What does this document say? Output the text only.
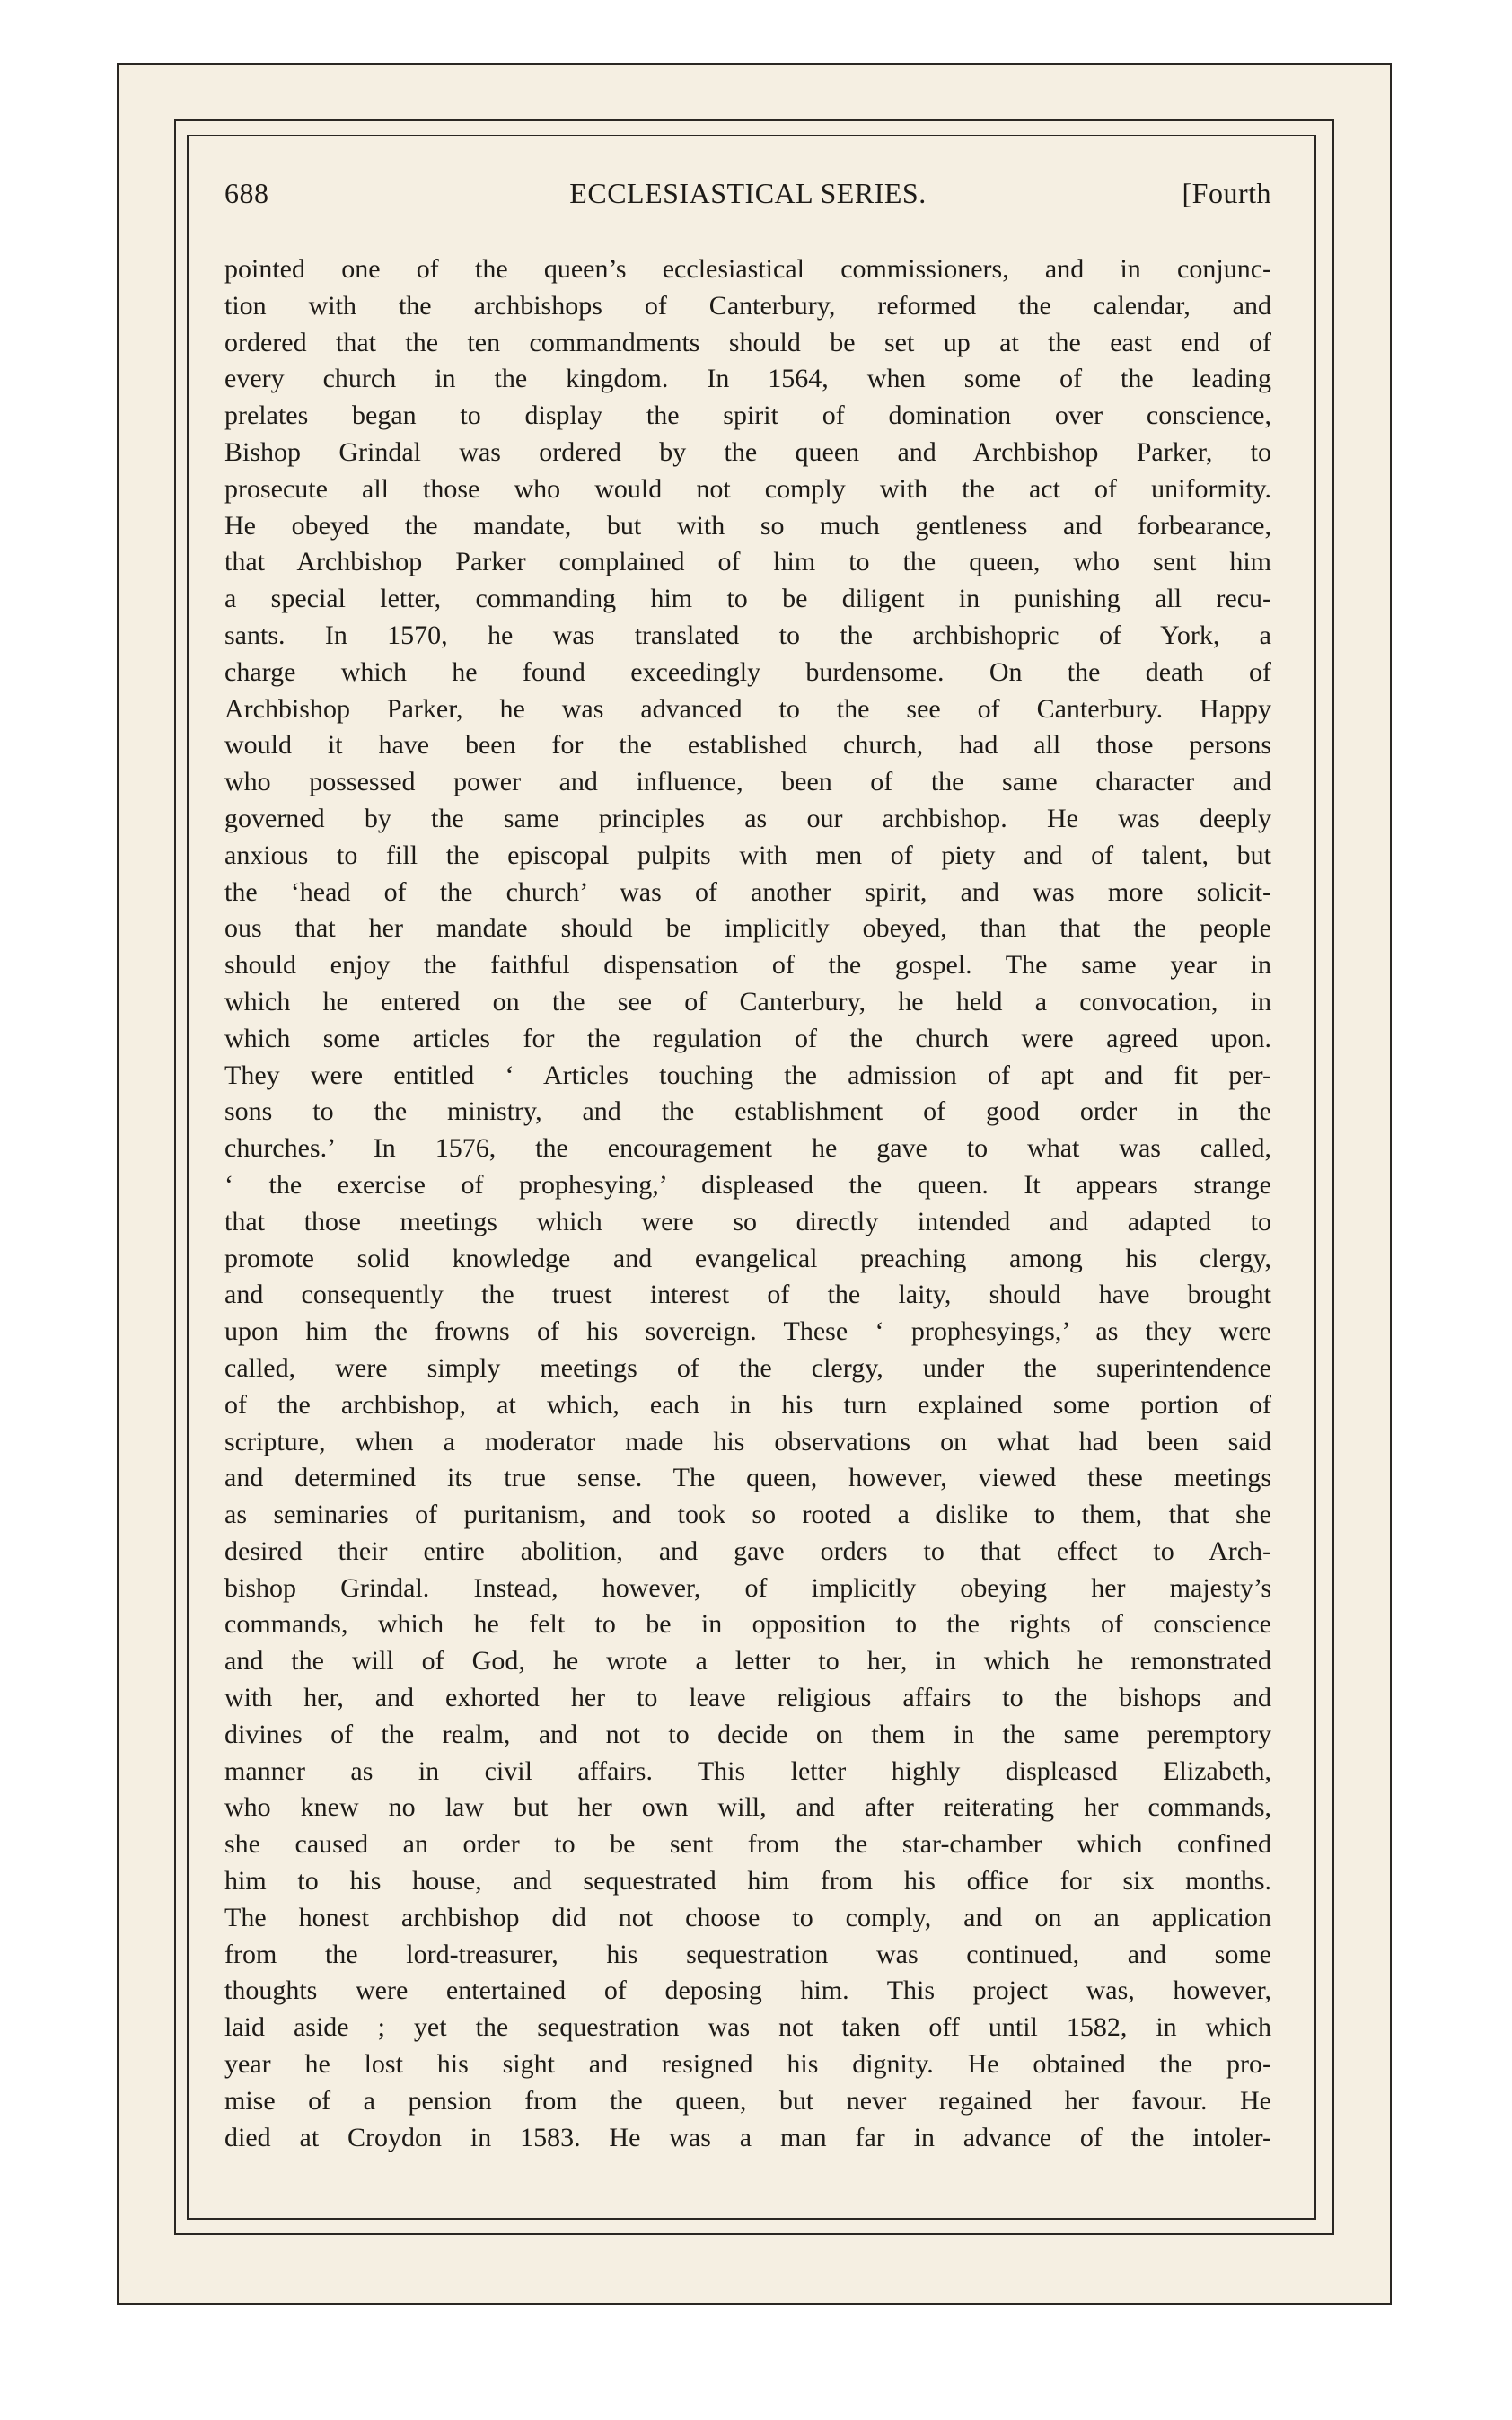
688	ECCLESIASTICAL SERIES.	[Fourth
pointed one of the queen’s ecclesiastical commissioners, and in conjunc-
tion with the archbishops of Canterbury, reformed the calendar, and
ordered that the ten commandments should be set up at the east end of
every church in the kingdom. In 1564, when some of the leading
prelates began to display the spirit of domination over conscience,
Bishop Grindal was ordered by the queen and Archbishop Parker, to
prosecute all those who would not comply with the act of uniformity.
He obeyed the mandate, but with so much gentleness and forbearance,
that Archbishop Parker complained of him to the queen, who sent him
a special letter, commanding him to be diligent in punishing all recu-
sants. In 1570, he was translated to the archbishopric of York, a
charge which he found exceedingly burdensome. On the death of
Archbishop Parker, he was advanced to the see of Canterbury. Happy
would it have been for the established church, had all those persons
who possessed power and influence, been of the same character and
governed by the same principles as our archbishop. He was deeply
anxious to fill the episcopal pulpits with men of piety and of talent, but
the ‘head of the church’ was of another spirit, and was more solicit-
ous that her mandate should be implicitly obeyed, than that the people
should enjoy the faithful dispensation of the gospel. The same year in
which he entered on the see of Canterbury, he held a convocation, in
which some articles for the regulation of the church were agreed upon.
They were entitled ‘ Articles touching the admission of apt and fit per-
sons to the ministry, and the establishment of good order in the
churches.’ In 1576, the encouragement he gave to what was called,
‘ the exercise of prophesying,’ displeased the queen. It appears strange
that those meetings which were so directly intended and adapted to
promote solid knowledge and evangelical preaching among his clergy,
and consequently the truest interest of the laity, should have brought
upon him the frowns of his sovereign. These ‘ prophesyings,’ as they were
called, were simply meetings of the clergy, under the superintendence
of the archbishop, at which, each in his turn explained some portion of
scripture, when a moderator made his observations on what had been said
and determined its true sense. The queen, however, viewed these meetings
as seminaries of puritanism, and took so rooted a dislike to them, that she
desired their entire abolition, and gave orders to that effect to Arch-
bishop Grindal. Instead, however, of implicitly obeying her majesty’s
commands, which he felt to be in opposition to the rights of conscience
and the will of God, he wrote a letter to her, in which he remonstrated
with her, and exhorted her to leave religious affairs to the bishops and
divines of the realm, and not to decide on them in the same peremptory
manner as in civil affairs. This letter highly displeased Elizabeth,
who knew no law but her own will, and after reiterating her commands,
she caused an order to be sent from the star-chamber which confined
him to his house, and sequestrated him from his office for six months.
The honest archbishop did not choose to comply, and on an application
from the lord-treasurer, his sequestration was continued, and some
thoughts were entertained of deposing him. This project was, however,
laid aside ; yet the sequestration was not taken off until 1582, in which
year he lost his sight and resigned his dignity. He obtained the pro-
mise of a pension from the queen, but never regained her favour. He
died at Croydon in 1583. He was a man far in advance of the intoler-
